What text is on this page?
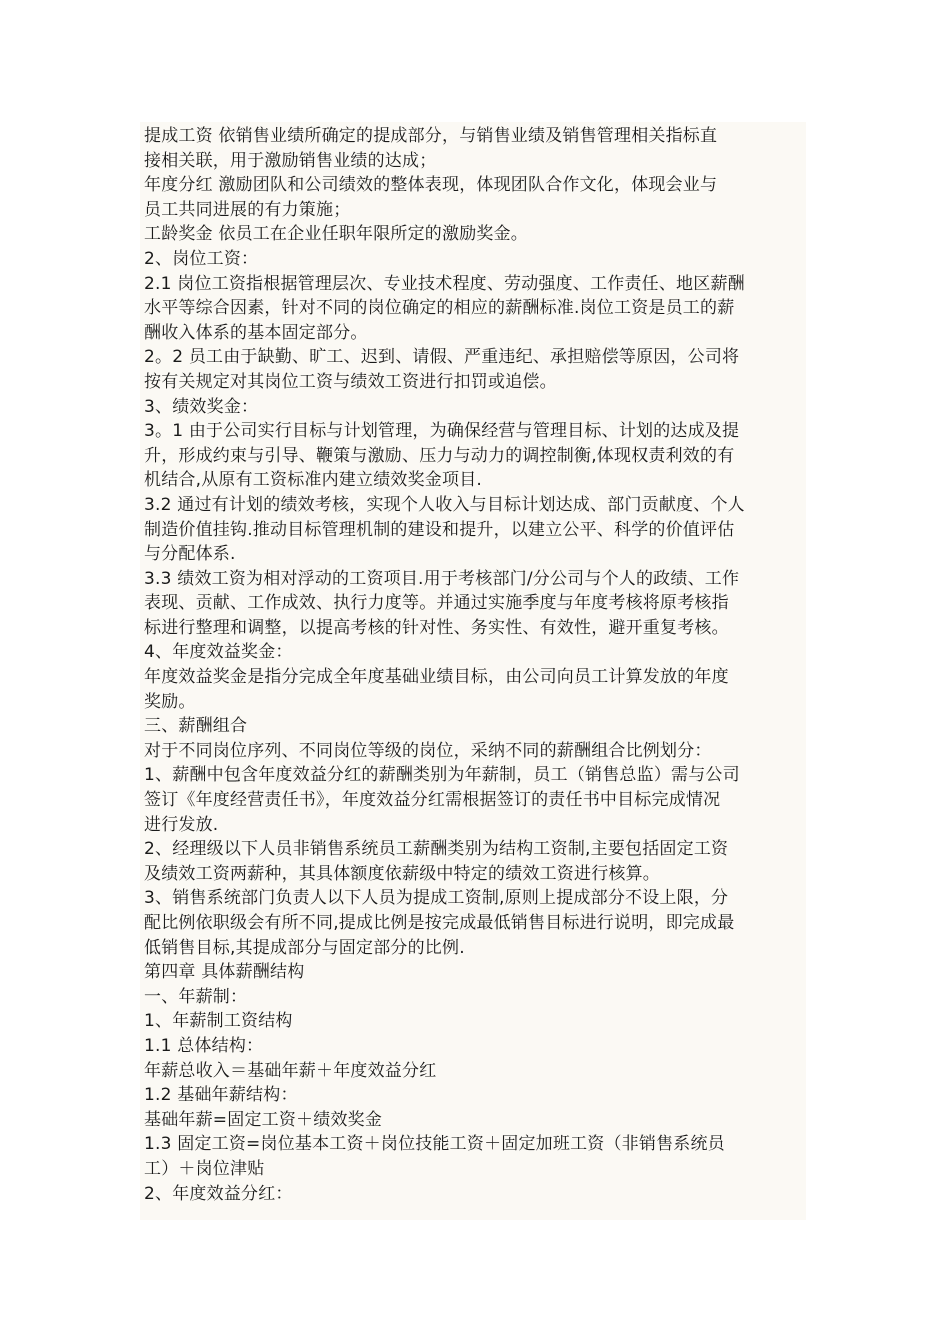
提成工资 依销售业绩所确定的提成部分，与销售业绩及销售管理相关指标直
接相关联，用于激励销售业绩的达成；
年度分红 激励团队和公司绩效的整体表现，体现团队合作文化，体现会业与
员工共同进展的有力策施；
工龄奖金 依员工在企业任职年限所定的激励奖金。
2、岗位工资：
2.1 岗位工资指根据管理层次、专业技术程度、劳动强度、工作责任、地区薪酬
水平等综合因素，针对不同的岗位确定的相应的薪酬标准.岗位工资是员工的薪
酬收入体系的基本固定部分。
2。2 员工由于缺勤、旷工、迟到、请假、严重违纪、承担赔偿等原因，公司将
按有关规定对其岗位工资与绩效工资进行扣罚或追偿。
3、绩效奖金：
3。1 由于公司实行目标与计划管理，为确保经营与管理目标、计划的达成及提
升，形成约束与引导、鞭策与激励、压力与动力的调控制衡,体现权责利效的有
机结合,从原有工资标准内建立绩效奖金项目.
3.2 通过有计划的绩效考核，实现个人收入与目标计划达成、部门贡献度、个人
制造价值挂钩.推动目标管理机制的建设和提升，以建立公平、科学的价值评估
与分配体系.
3.3 绩效工资为相对浮动的工资项目.用于考核部门/分公司与个人的政绩、工作
表现、贡献、工作成效、执行力度等。并通过实施季度与年度考核将原考核指
标进行整理和调整，以提高考核的针对性、务实性、有效性，避开重复考核。
4、年度效益奖金：
年度效益奖金是指分完成全年度基础业绩目标，由公司向员工计算发放的年度
奖励。
三、薪酬组合
对于不同岗位序列、不同岗位等级的岗位，采纳不同的薪酬组合比例划分：
1、薪酬中包含年度效益分红的薪酬类别为年薪制，员工（销售总监）需与公司
签订《年度经营责任书》，年度效益分红需根据签订的责任书中目标完成情况
进行发放.
2、经理级以下人员非销售系统员工薪酬类别为结构工资制,主要包括固定工资
及绩效工资两薪种，其具体额度依薪级中特定的绩效工资进行核算。
3、销售系统部门负责人以下人员为提成工资制,原则上提成部分不设上限，分
配比例依职级会有所不同,提成比例是按完成最低销售目标进行说明，即完成最
低销售目标,其提成部分与固定部分的比例.
第四章 具体薪酬结构
一、年薪制：
1、年薪制工资结构
1.1 总体结构：
年薪总收入＝基础年薪＋年度效益分红
1.2 基础年薪结构：
基础年薪=固定工资＋绩效奖金
1.3 固定工资=岗位基本工资＋岗位技能工资＋固定加班工资（非销售系统员
工）＋岗位津贴
2、年度效益分红：
